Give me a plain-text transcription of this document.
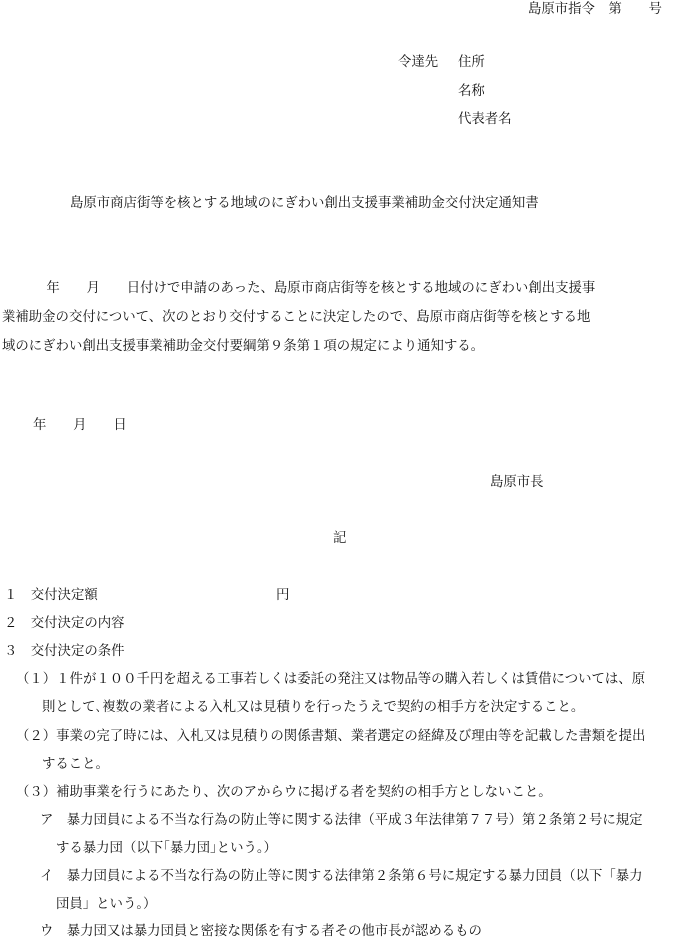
島原市指令　第　　号
令達先 住所
名称
代表者名
島原市商店街等を核とする地域のにぎわい創出支援事業補助金交付決定通知書
　年　　月　　日付けで申請のあった、島原市商店街等を核とする地域のにぎわい創出支援事
業補助金の交付について、次のとおり交付することに決定したので、島原市商店街等を核とする地
域のにぎわい創出支援事業補助金交付要綱第９条第１項の規定により通知する。
年　　月　　日
島原市長
記
１　交付決定額	円
２　交付決定の内容
３　交付決定の条件
（１）１件が１００千円を超える工事若しくは委託の発注又は物品等の購入若しくは賃借については、原
則として､複数の業者による入札又は見積りを行ったうえで契約の相手方を決定すること。
（２）事業の完了時には、入札又は見積りの関係書類、業者選定の経緯及び理由等を記載した書類を提出
すること。
（３）補助事業を行うにあたり、次のアからウに掲げる者を契約の相手方としないこと。
ア　暴力団員による不当な行為の防止等に関する法律（平成３年法律第７７号）第２条第２号に規定
する暴力団（以下｢暴力団｣という。）
イ　暴力団員による不当な行為の防止等に関する法律第２条第６号に規定する暴力団員（以下「暴力
団員」という。）
ウ　暴力団又は暴力団員と密接な関係を有する者その他市長が認めるもの
